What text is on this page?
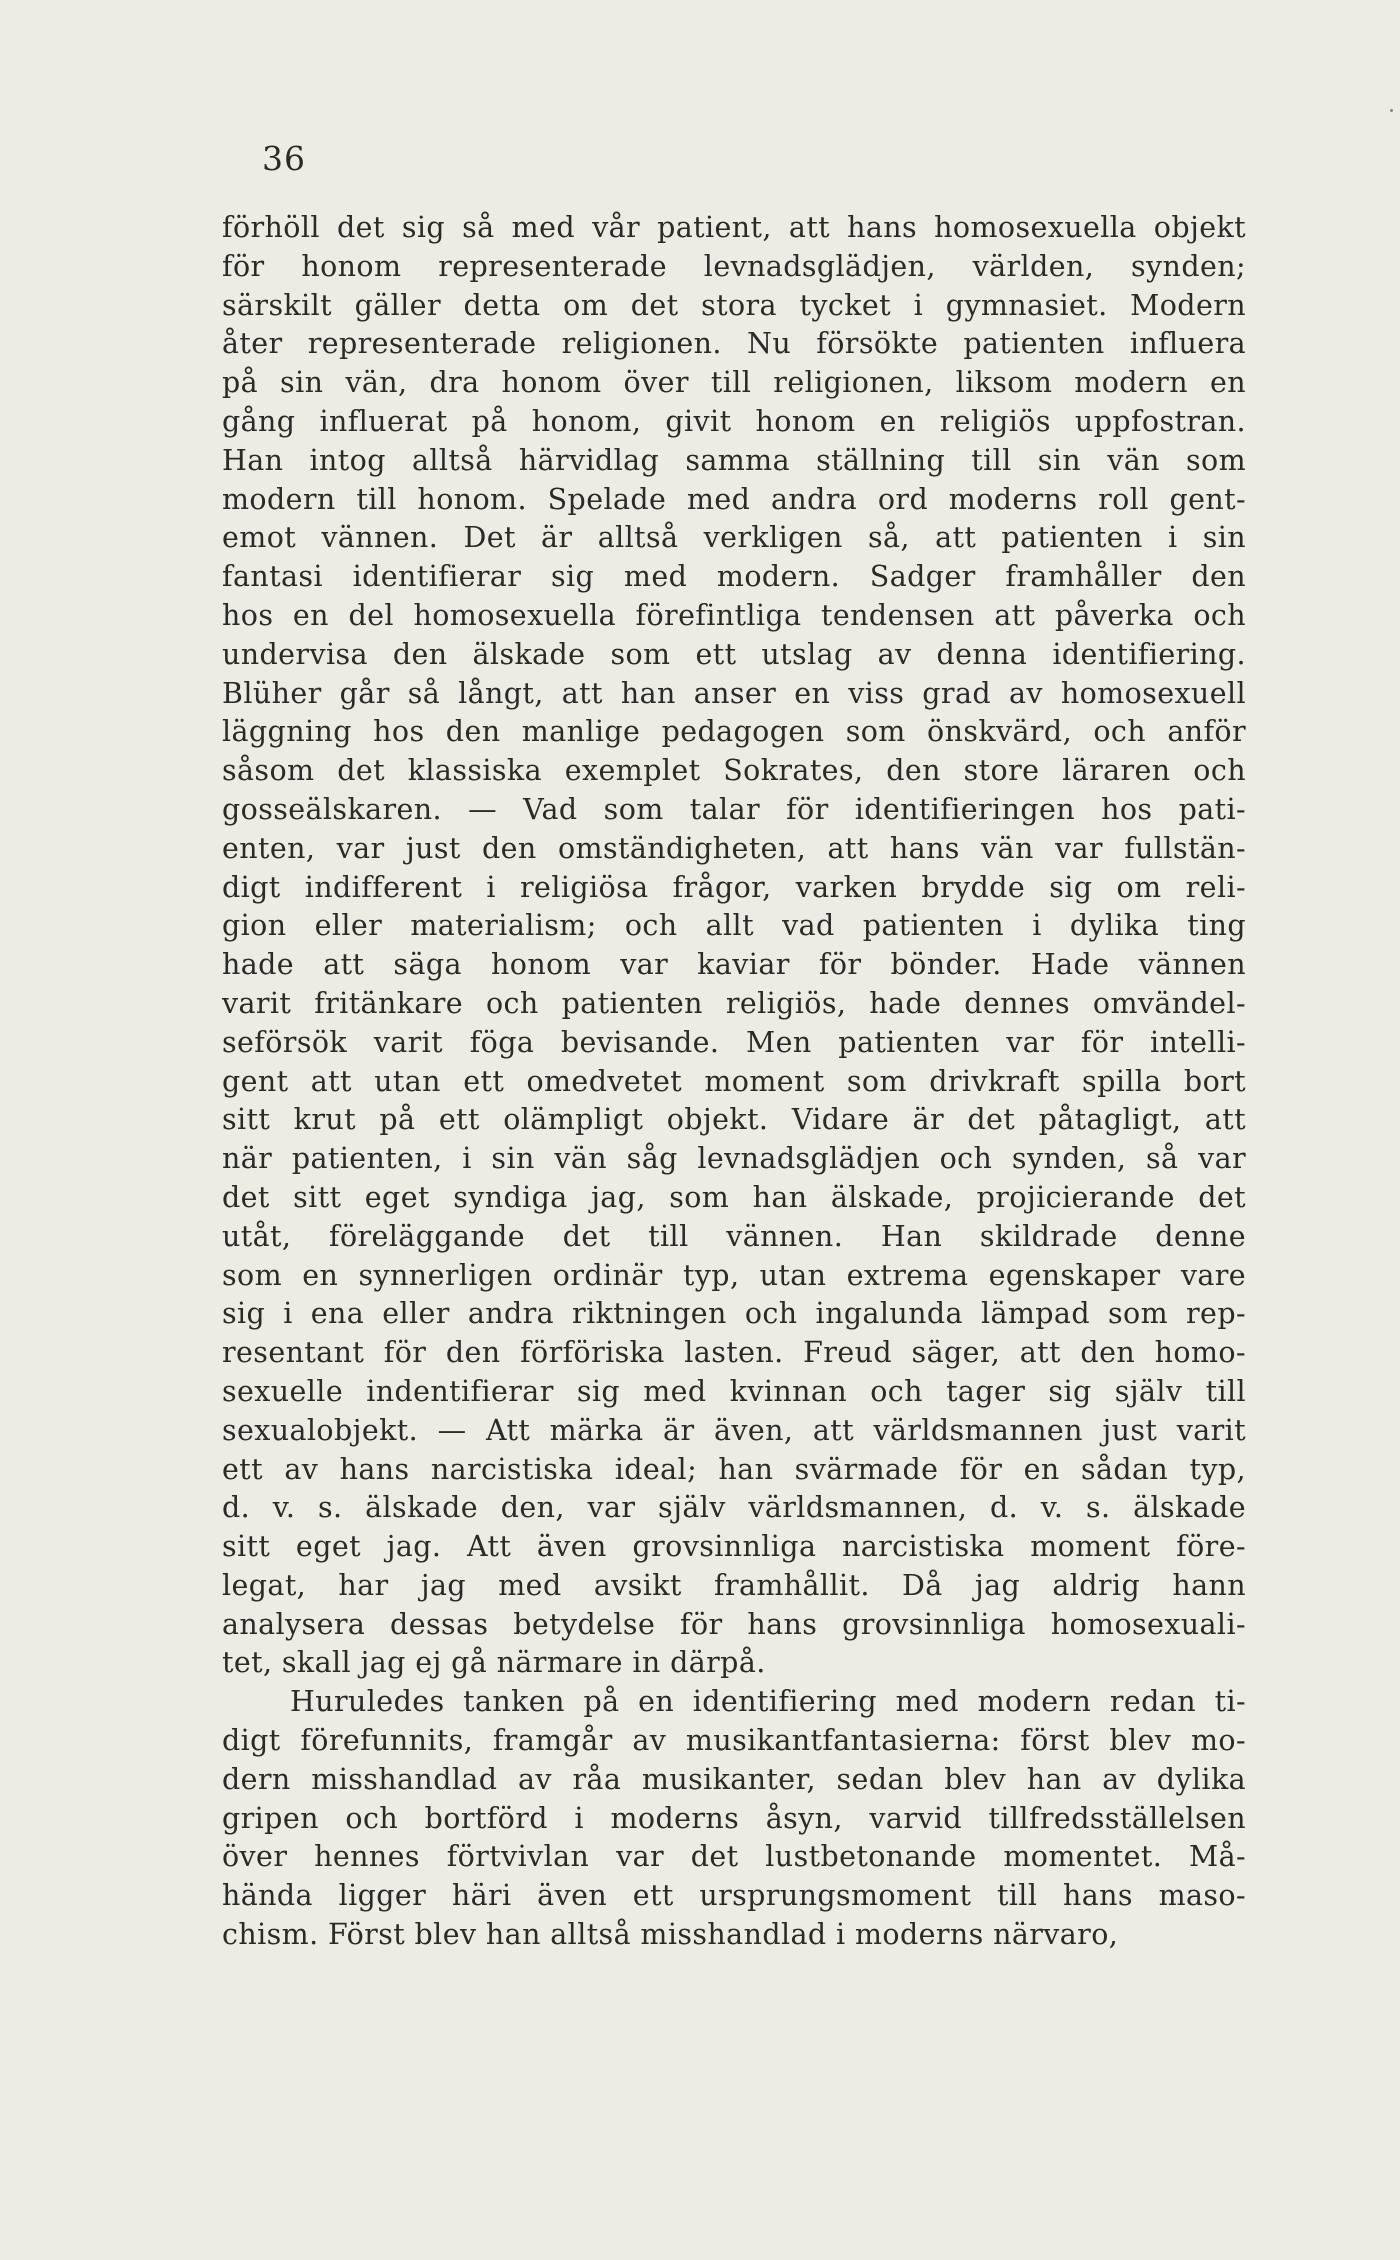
36
förhöll det sig så med vår patient, att hans homosexuella objekt
för honom representerade levnadsglädjen, världen, synden;
särskilt gäller detta om det stora tycket i gymnasiet. Modern
åter representerade religionen. Nu försökte patienten influera
på sin vän, dra honom över till religionen, liksom modern en
gång influerat på honom, givit honom en religiös uppfostran.
Han intog alltså härvidlag samma ställning till sin vän som
modern till honom. Spelade med andra ord moderns roll gent-
emot vännen. Det är alltså verkligen så, att patienten i sin
fantasi identifierar sig med modern. Sadger framhåller den
hos en del homosexuella förefintliga tendensen att påverka och
undervisa den älskade som ett utslag av denna identifiering.
Blüher går så långt, att han anser en viss grad av homosexuell
läggning hos den manlige pedagogen som önskvärd, och anför
såsom det klassiska exemplet Sokrates, den store läraren och
gosseälskaren. — Vad som talar för identifieringen hos pati-
enten, var just den omständigheten, att hans vän var fullstän-
digt indifferent i religiösa frågor, varken brydde sig om reli-
gion eller materialism; och allt vad patienten i dylika ting
hade att säga honom var kaviar för bönder. Hade vännen
varit fritänkare och patienten religiös, hade dennes omvändel-
seförsök varit föga bevisande. Men patienten var för intelli-
gent att utan ett omedvetet moment som drivkraft spilla bort
sitt krut på ett olämpligt objekt. Vidare är det påtagligt, att
när patienten, i sin vän såg levnadsglädjen och synden, så var
det sitt eget syndiga jag, som han älskade, projicierande det
utåt, föreläggande det till vännen. Han skildrade denne
som en synnerligen ordinär typ, utan extrema egenskaper vare
sig i ena eller andra riktningen och ingalunda lämpad som rep-
resentant för den förföriska lasten. Freud säger, att den homo-
sexuelle indentifierar sig med kvinnan och tager sig själv till
sexualobjekt. — Att märka är även, att världsmannen just varit
ett av hans narcistiska ideal; han svärmade för en sådan typ,
d. v. s. älskade den, var själv världsmannen, d. v. s. älskade
sitt eget jag. Att även grovsinnliga narcistiska moment före-
legat, har jag med avsikt framhållit. Då jag aldrig hann
analysera dessas betydelse för hans grovsinnliga homosexuali-
tet, skall jag ej gå närmare in därpå.
Huruledes tanken på en identifiering med modern redan ti-
digt förefunnits, framgår av musikantfantasierna: först blev mo-
dern misshandlad av råa musikanter, sedan blev han av dylika
gripen och bortförd i moderns åsyn, varvid tillfredsställelsen
över hennes förtvivlan var det lustbetonande momentet. Må-
hända ligger häri även ett ursprungsmoment till hans maso-
chism. Först blev han alltså misshandlad i moderns närvaro,
